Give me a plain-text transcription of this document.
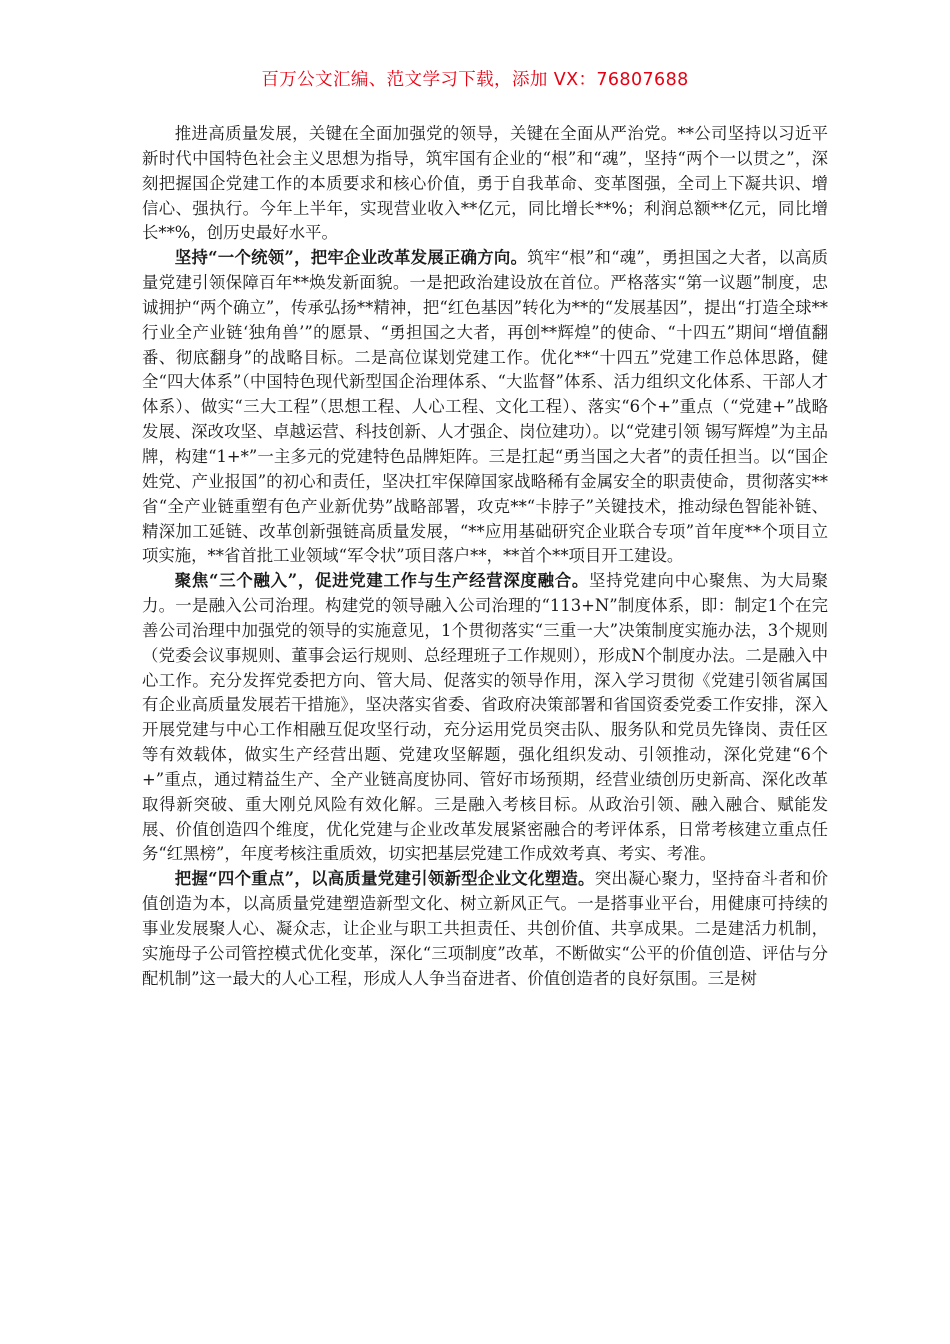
百万公文汇编、范文学习下载，添加 VX：76807688

推进高质量发展，关键在全面加强党的领导，关键在全面从严治党。**公司坚持以习近平新时代中国特色社会主义思想为指导，筑牢国有企业的“根”和“魂”，坚持“两个一以贯之”，深刻把握国企党建工作的本质要求和核心价值，勇于自我革命、变革图强，全司上下凝共识、增信心、强执行。今年上半年，实现营业收入**亿元，同比增长**%；利润总额**亿元，同比增长**%，创历史最好水平。

坚持“一个统领”，把牢企业改革发展正确方向。筑牢“根”和“魂”，勇担国之大者，以高质量党建引领保障百年**焕发新面貌。一是把政治建设放在首位。严格落实“第一议题”制度，忠诚拥护“两个确立”，传承弘扬**精神，把“红色基因”转化为**的“发展基因”，提出“打造全球**行业全产业链‘独角兽’”的愿景、“勇担国之大者，再创**辉煌”的使命、“十四五”期间“增值翻番、彻底翻身”的战略目标。二是高位谋划党建工作。优化**“十四五”党建工作总体思路，健全“四大体系”（中国特色现代新型国企治理体系、“大监督”体系、活力组织文化体系、干部人才体系）、做实“三大工程”（思想工程、人心工程、文化工程）、落实“6个+”重点（“党建+”战略发展、深改攻坚、卓越运营、科技创新、人才强企、岗位建功）。以“党建引领 锡写辉煌”为主品牌，构建“1+*”一主多元的党建特色品牌矩阵。三是扛起“勇当国之大者”的责任担当。以“国企姓党、产业报国”的初心和责任，坚决扛牢保障国家战略稀有金属安全的职责使命，贯彻落实**省“全产业链重塑有色产业新优势”战略部署，攻克**“卡脖子”关键技术，推动绿色智能补链、精深加工延链、改革创新强链高质量发展，“**应用基础研究企业联合专项”首年度**个项目立项实施，**省首批工业领域“军令状”项目落户**，**首个**项目开工建设。

聚焦“三个融入”，促进党建工作与生产经营深度融合。坚持党建向中心聚焦、为大局聚力。一是融入公司治理。构建党的领导融入公司治理的“113+N”制度体系，即：制定1个在完善公司治理中加强党的领导的实施意见，1个贯彻落实“三重一大”决策制度实施办法，3个规则（党委会议事规则、董事会运行规则、总经理班子工作规则），形成N个制度办法。二是融入中心工作。充分发挥党委把方向、管大局、促落实的领导作用，深入学习贯彻《党建引领省属国有企业高质量发展若干措施》，坚决落实省委、省政府决策部署和省国资委党委工作安排，深入开展党建与中心工作相融互促攻坚行动，充分运用党员突击队、服务队和党员先锋岗、责任区等有效载体，做实生产经营出题、党建攻坚解题，强化组织发动、引领推动，深化党建“6个+”重点，通过精益生产、全产业链高度协同、管好市场预期，经营业绩创历史新高、深化改革取得新突破、重大刚兑风险有效化解。三是融入考核目标。从政治引领、融入融合、赋能发展、价值创造四个维度，优化党建与企业改革发展紧密融合的考评体系，日常考核建立重点任务“红黑榜”，年度考核注重质效，切实把基层党建工作成效考真、考实、考准。

把握“四个重点”，以高质量党建引领新型企业文化塑造。突出凝心聚力，坚持奋斗者和价值创造为本，以高质量党建塑造新型文化、树立新风正气。一是搭事业平台，用健康可持续的事业发展聚人心、凝众志，让企业与职工共担责任、共创价值、共享成果。二是建活力机制，实施母子公司管控模式优化变革，深化“三项制度”改革，不断做实“公平的价值创造、评估与分配机制”这一最大的人心工程，形成人人争当奋进者、价值创造者的良好氛围。三是树
